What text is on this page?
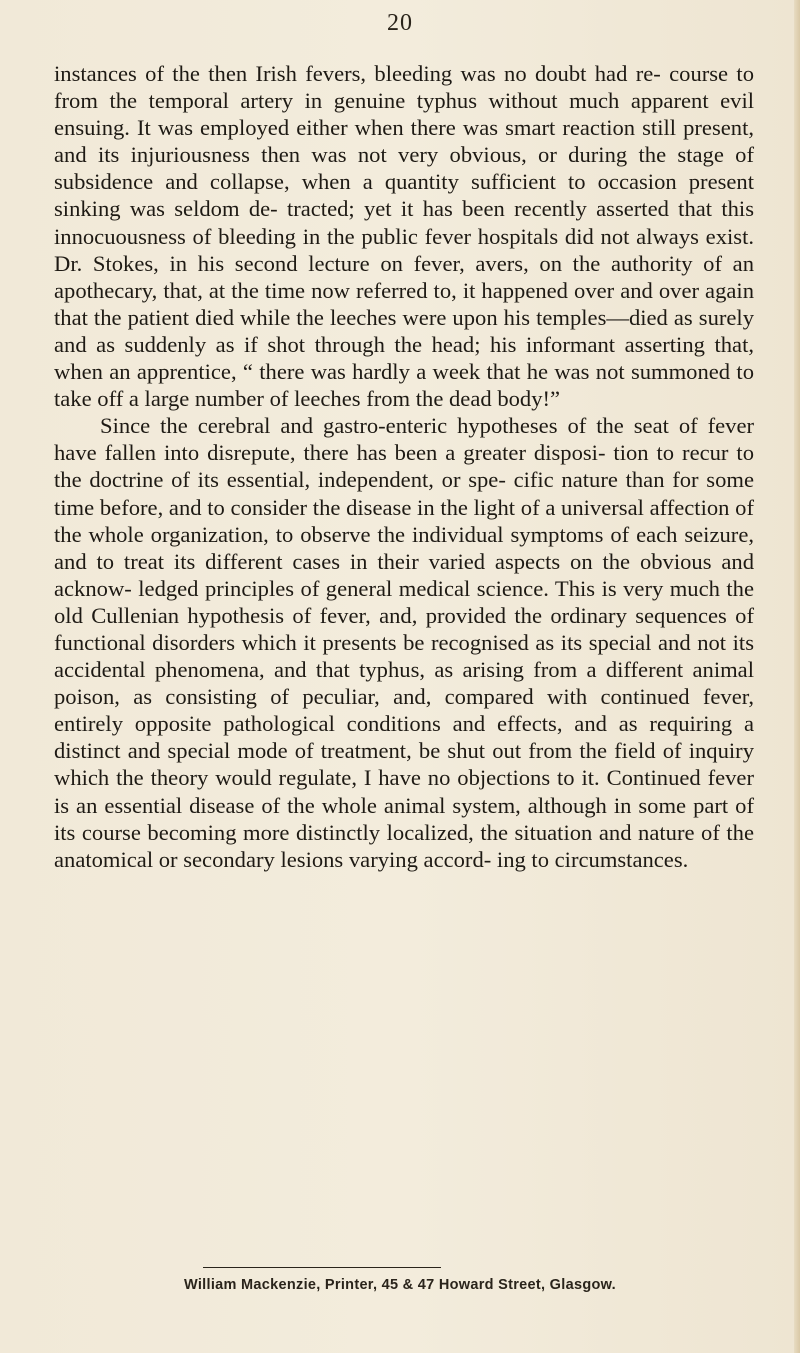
20

instances of the then Irish fevers, bleeding was no doubt had re- course to from the temporal artery in genuine typhus without much apparent evil ensuing. It was employed either when there was smart reaction still present, and its injuriousness then was not very obvious, or during the stage of subsidence and collapse, when a quantity sufficient to occasion present sinking was seldom de- tracted; yet it has been recently asserted that this innocuousness of bleeding in the public fever hospitals did not always exist. Dr. Stokes, in his second lecture on fever, avers, on the authority of an apothecary, that, at the time now referred to, it happened over and over again that the patient died while the leeches were upon his temples—died as surely and as suddenly as if shot through the head; his informant asserting that, when an apprentice, “ there was hardly a week that he was not summoned to take off a large number of leeches from the dead body!”

Since the cerebral and gastro-enteric hypotheses of the seat of fever have fallen into disrepute, there has been a greater disposi- tion to recur to the doctrine of its essential, independent, or spe- cific nature than for some time before, and to consider the disease in the light of a universal affection of the whole organization, to observe the individual symptoms of each seizure, and to treat its different cases in their varied aspects on the obvious and acknow- ledged principles of general medical science. This is very much the old Cullenian hypothesis of fever, and, provided the ordinary sequences of functional disorders which it presents be recognised as its special and not its accidental phenomena, and that typhus, as arising from a different animal poison, as consisting of peculiar, and, compared with continued fever, entirely opposite pathological conditions and effects, and as requiring a distinct and special mode of treatment, be shut out from the field of inquiry which the theory would regulate, I have no objections to it. Continued fever is an essential disease of the whole animal system, although in some part of its course becoming more distinctly localized, the situation and nature of the anatomical or secondary lesions varying accord- ing to circumstances.

William Mackenzie, Printer, 45 & 47 Howard Street, Glasgow.
